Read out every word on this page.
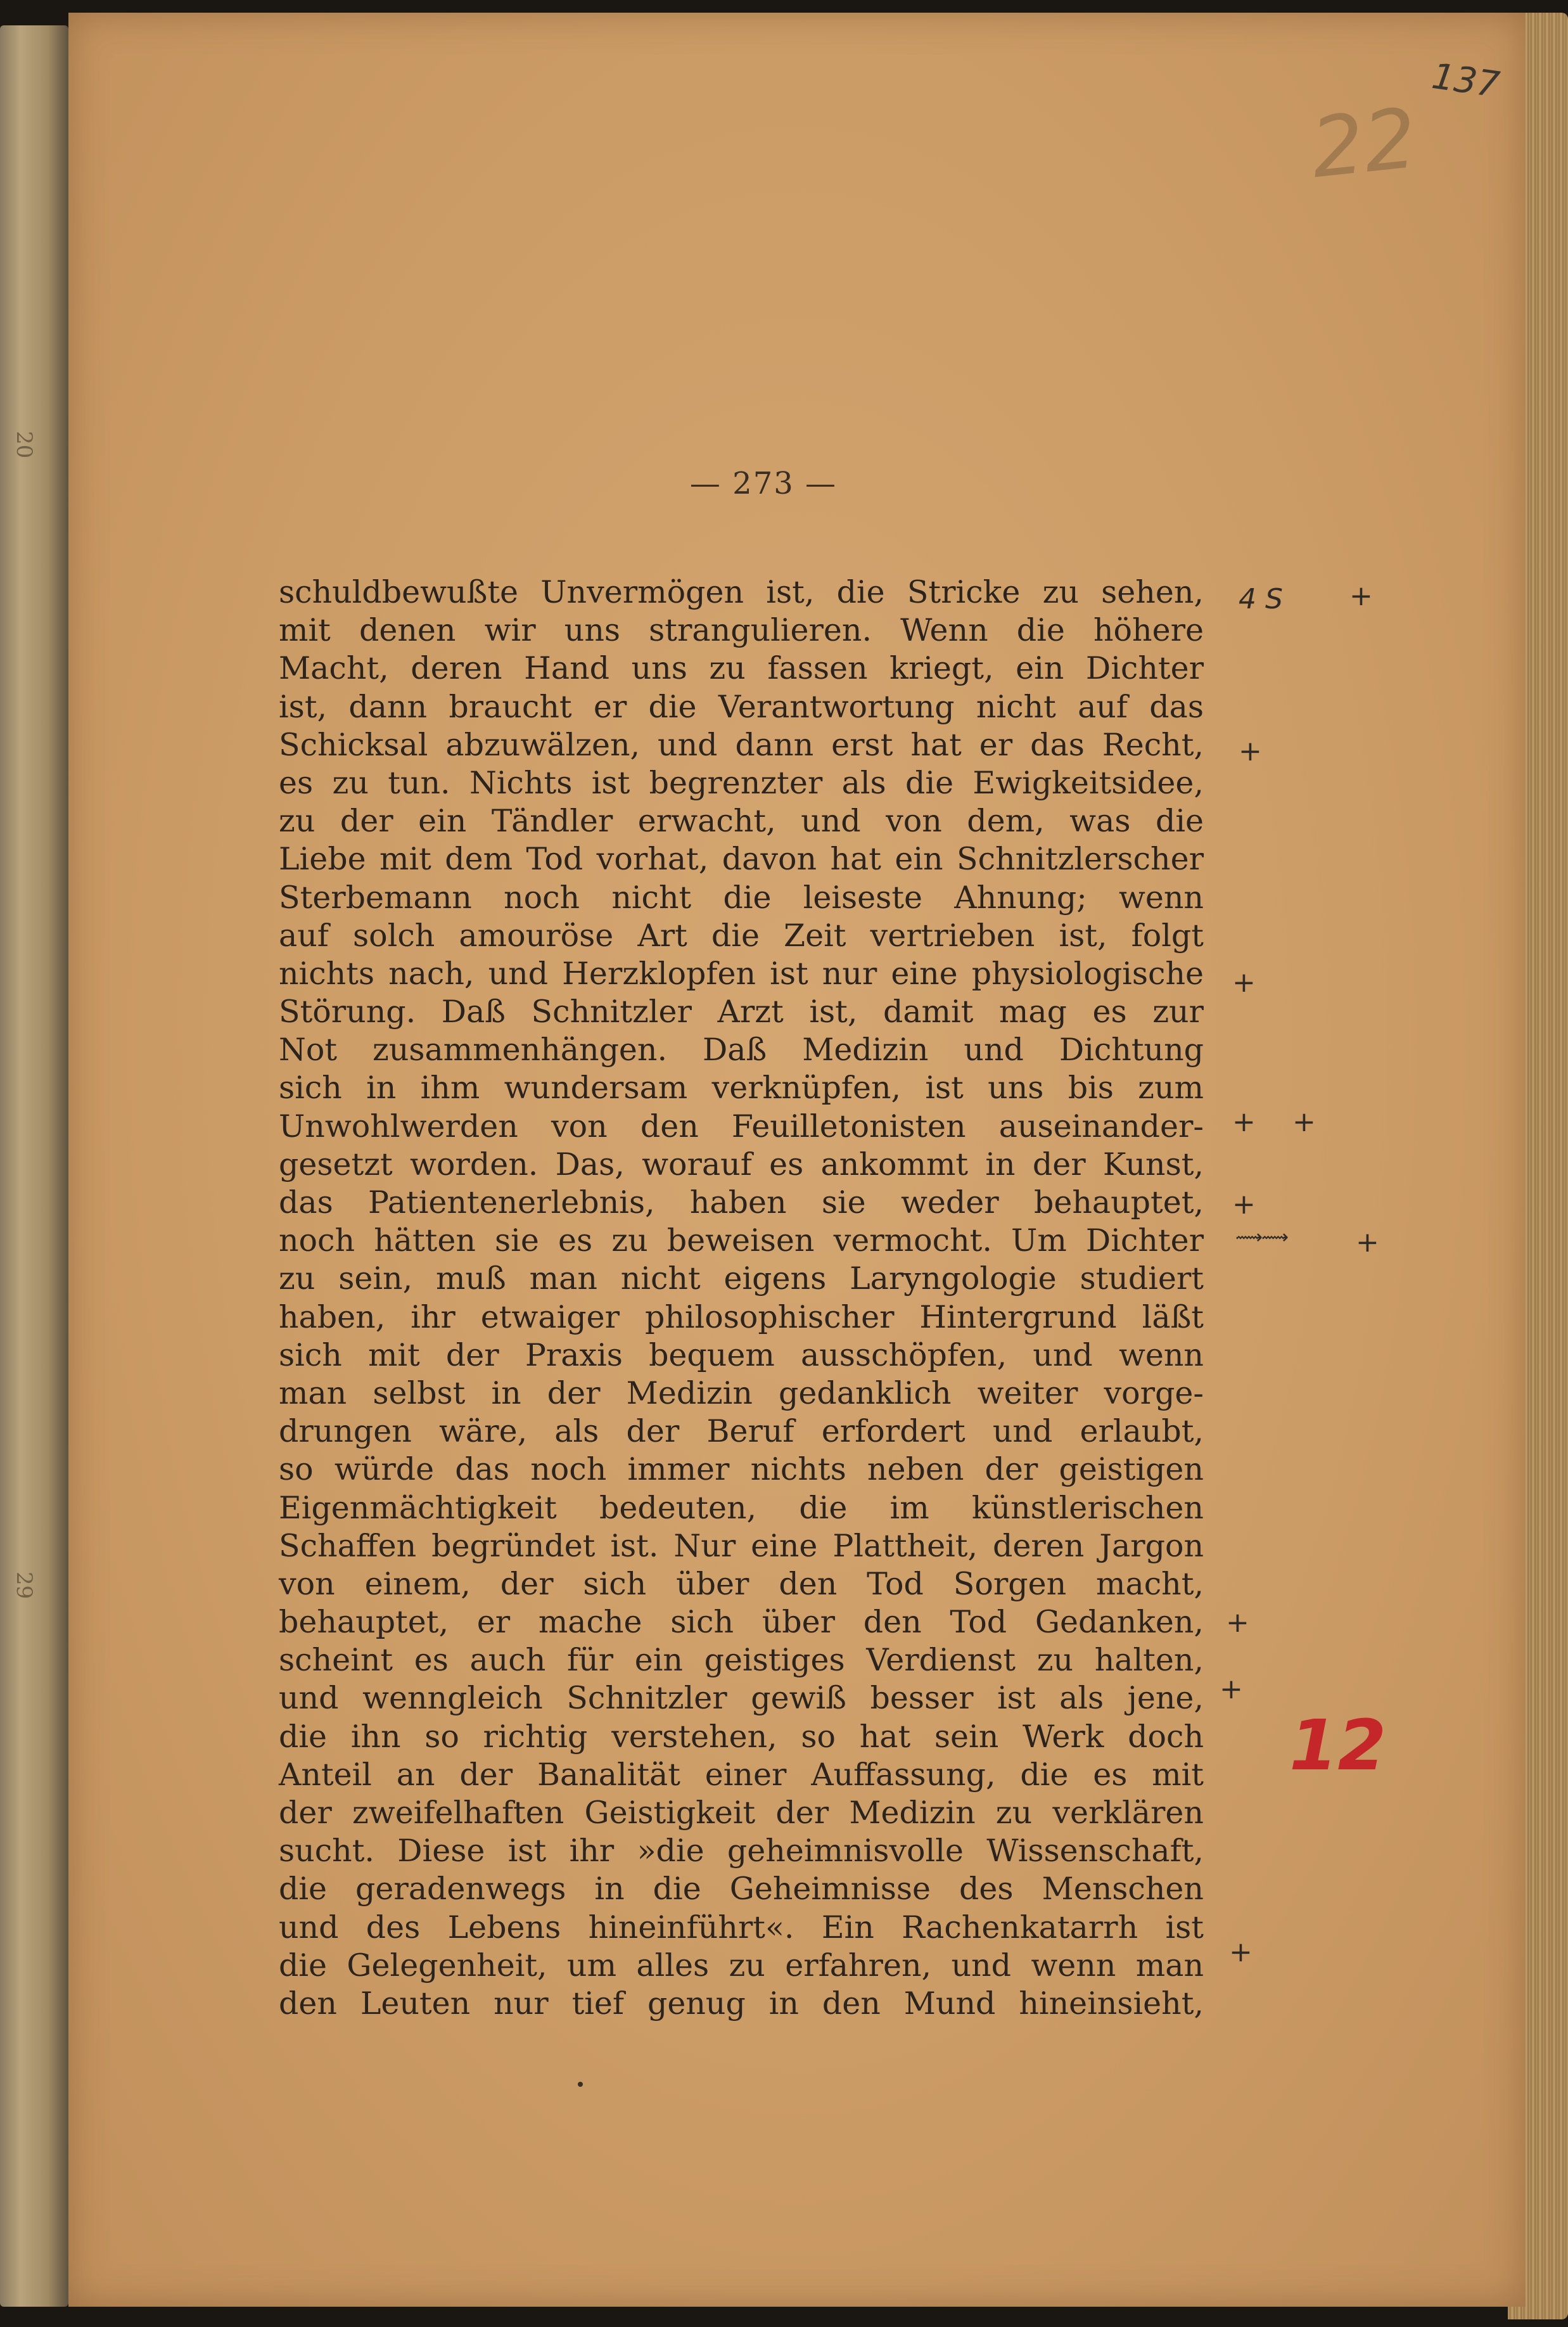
20
29
22
137
— 273 —
schuldbewußte Unvermögen ist, die Stricke zu sehen,
mit denen wir uns strangulieren. Wenn die höhere
Macht, deren Hand uns zu fassen kriegt, ein Dichter
ist, dann braucht er die Verantwortung nicht auf das
Schicksal abzuwälzen, und dann erst hat er das Recht,
es zu tun. Nichts ist begrenzter als die Ewigkeitsidee,
zu der ein Tändler erwacht, und von dem, was die
Liebe mit dem Tod vorhat, davon hat ein Schnitzlerscher
Sterbemann noch nicht die leiseste Ahnung; wenn
auf solch amouröse Art die Zeit vertrieben ist, folgt
nichts nach, und Herzklopfen ist nur eine physiologische
Störung. Daß Schnitzler Arzt ist, damit mag es zur
Not zusammenhängen. Daß Medizin und Dichtung
sich in ihm wundersam verknüpfen, ist uns bis zum
Unwohlwerden von den Feuilletonisten auseinander-
gesetzt worden. Das, worauf es ankommt in der Kunst,
das Patientenerlebnis, haben sie weder behauptet,
noch hätten sie es zu beweisen vermocht. Um Dichter
zu sein, muß man nicht eigens Laryngologie studiert
haben, ihr etwaiger philosophischer Hintergrund läßt
sich mit der Praxis bequem ausschöpfen, und wenn
man selbst in der Medizin gedanklich weiter vorge-
drungen wäre, als der Beruf erfordert und erlaubt,
so würde das noch immer nichts neben der geistigen
Eigenmächtigkeit bedeuten, die im künstlerischen
Schaffen begründet ist. Nur eine Plattheit, deren Jargon
von einem, der sich über den Tod Sorgen macht,
behauptet, er mache sich über den Tod Gedanken,
scheint es auch für ein geistiges Verdienst zu halten,
und wenngleich Schnitzler gewiß besser ist als jene,
die ihn so richtig verstehen, so hat sein Werk doch
Anteil an der Banalität einer Auffassung, die es mit
der zweifelhaften Geistigkeit der Medizin zu verklären
sucht. Diese ist ihr »die geheimnisvolle Wissenschaft,
die geradenwegs in die Geheimnisse des Menschen
und des Lebens hineinführt«. Ein Rachenkatarrh ist
die Gelegenheit, um alles zu erfahren, und wenn man
den Leuten nur tief genug in den Mund hineinsieht,
4 S +
+
+
+ +
+
⟿⟿ +
+
+
+
12
